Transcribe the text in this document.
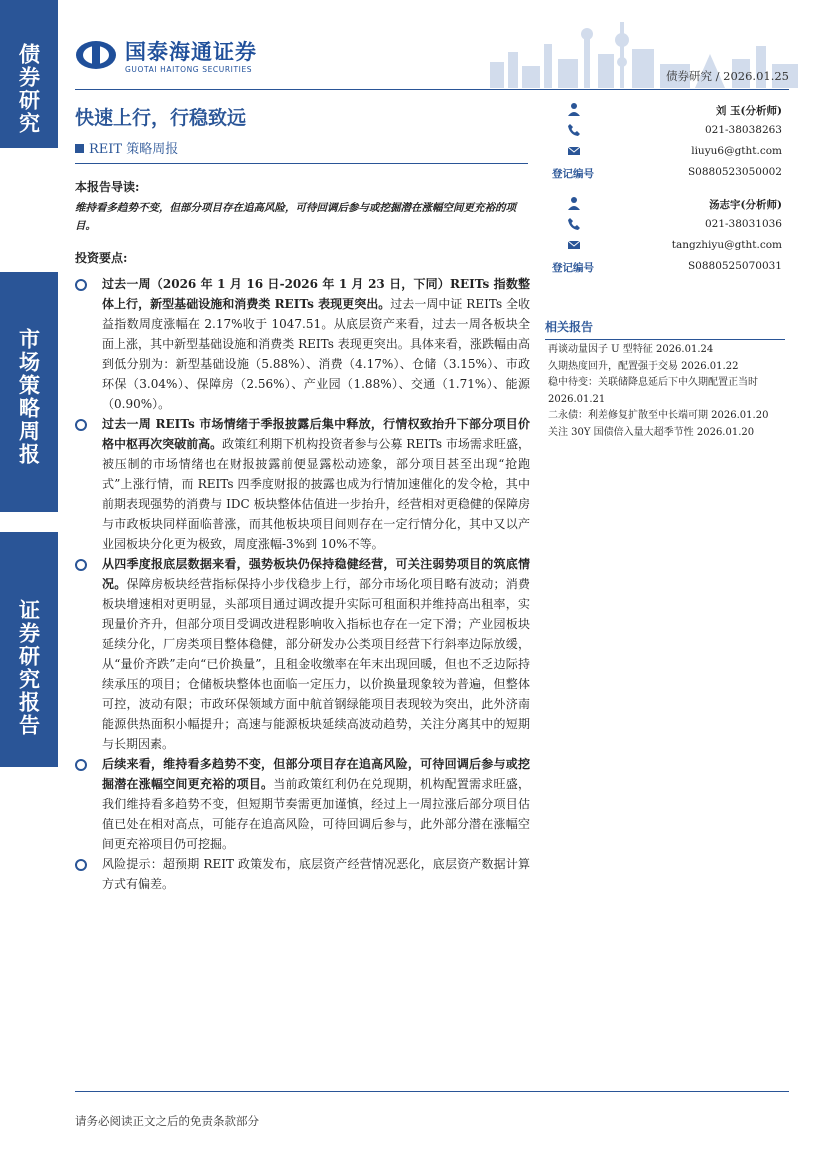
债券研究
市场策略周报
证券研究报告
国泰海通证券
GUOTAI HAITONG SECURITIES	债券研究 / 2026.01.25
快速上行，行稳致远
REIT 策略周报
本报告导读:
维持看多趋势不变，但部分项目存在追高风险，可待回调后参与或挖掘潜在涨幅空间更充裕的项目。
投资要点:

过去一周（2026 年 1 月 16 日-2026 年 1 月 23 日，下同）REITs 指数整体上行，新型基础设施和消费类 REITs 表现更突出。过去一周中证 REITs 全收益指数周度涨幅在 2.17%收于 1047.51。从底层资产来看，过去一周各板块全面上涨，其中新型基础设施和消费类 REITs 表现更突出。具体来看，涨跌幅由高到低分别为：新型基础设施（5.88%）、消费（4.17%）、仓储（3.15%）、市政环保（3.04%）、保障房（2.56%）、产业园（1.88%）、交通（1.71%）、能源（0.90%）。

过去一周 REITs 市场情绪于季报披露后集中释放，行情权致抬升下部分项目价格中枢再次突破前高。政策红利期下机构投资者参与公募 REITs 市场需求旺盛，被压制的市场情绪也在财报披露前便显露松动迹象，部分项目甚至出现“抢跑式”上涨行情，而 REITs 四季度财报的披露也成为行情加速催化的发令枪，其中前期表现强势的消费与 IDC 板块整体估值进一步抬升，经营相对更稳健的保障房与市政板块同样面临普涨，而其他板块项目间则存在一定行情分化，其中又以产业园板块分化更为极致，周度涨幅-3%到 10%不等。

从四季度报底层数据来看，强势板块仍保持稳健经营，可关注弱势项目的筑底情况。保障房板块经营指标保持小步伐稳步上行，部分市场化项目略有波动；消费板块增速相对更明显，头部项目通过调改提升实际可租面积并维持高出租率，实现量价齐升，但部分项目受调改进程影响收入指标也存在一定下滑；产业园板块延续分化，厂房类项目整体稳健，部分研发办公类项目经营下行斜率边际放缓，从“量价齐跌”走向“已价换量”，且租金收缴率在年末出现回暖，但也不乏边际持续承压的项目；仓储板块整体也面临一定压力，以价换量现象较为普遍，但整体可控，波动有限；市政环保领域方面中航首钢绿能项目表现较为突出，此外济南能源供热面积小幅提升；高速与能源板块延续高波动趋势，关注分离其中的短期与长期因素。

后续来看，维持看多趋势不变，但部分项目存在追高风险，可待回调后参与或挖掘潜在涨幅空间更充裕的项目。当前政策红利仍在兑现期，机构配置需求旺盛，我们维持看多趋势不变，但短期节奏需更加谨慎，经过上一周拉涨后部分项目估值已处在相对高点，可能存在追高风险，可待回调后参与，此外部分潜在涨幅空间更充裕项目仍可挖掘。

风险提示：超预期 REIT 政策发布，底层资产经营情况恶化，底层资产数据计算方式有偏差。

刘 玉(分析师)
021-38038263
liuyu6@gtht.com
登记编号	S0880523050002
汤志宇(分析师)
021-38031036
tangzhiyu@gtht.com
登记编号	S0880525070031
相关报告
再谈动量因子 U 型特征 2026.01.24
久期热度回升，配置强于交易 2026.01.22
稳中待变：关联储降息延后下中久期配置正当时 2026.01.21
二永债：利差修复扩散至中长端可期 2026.01.20
关注 30Y 国债倍入量大超季节性 2026.01.20
请务必阅读正文之后的免责条款部分
